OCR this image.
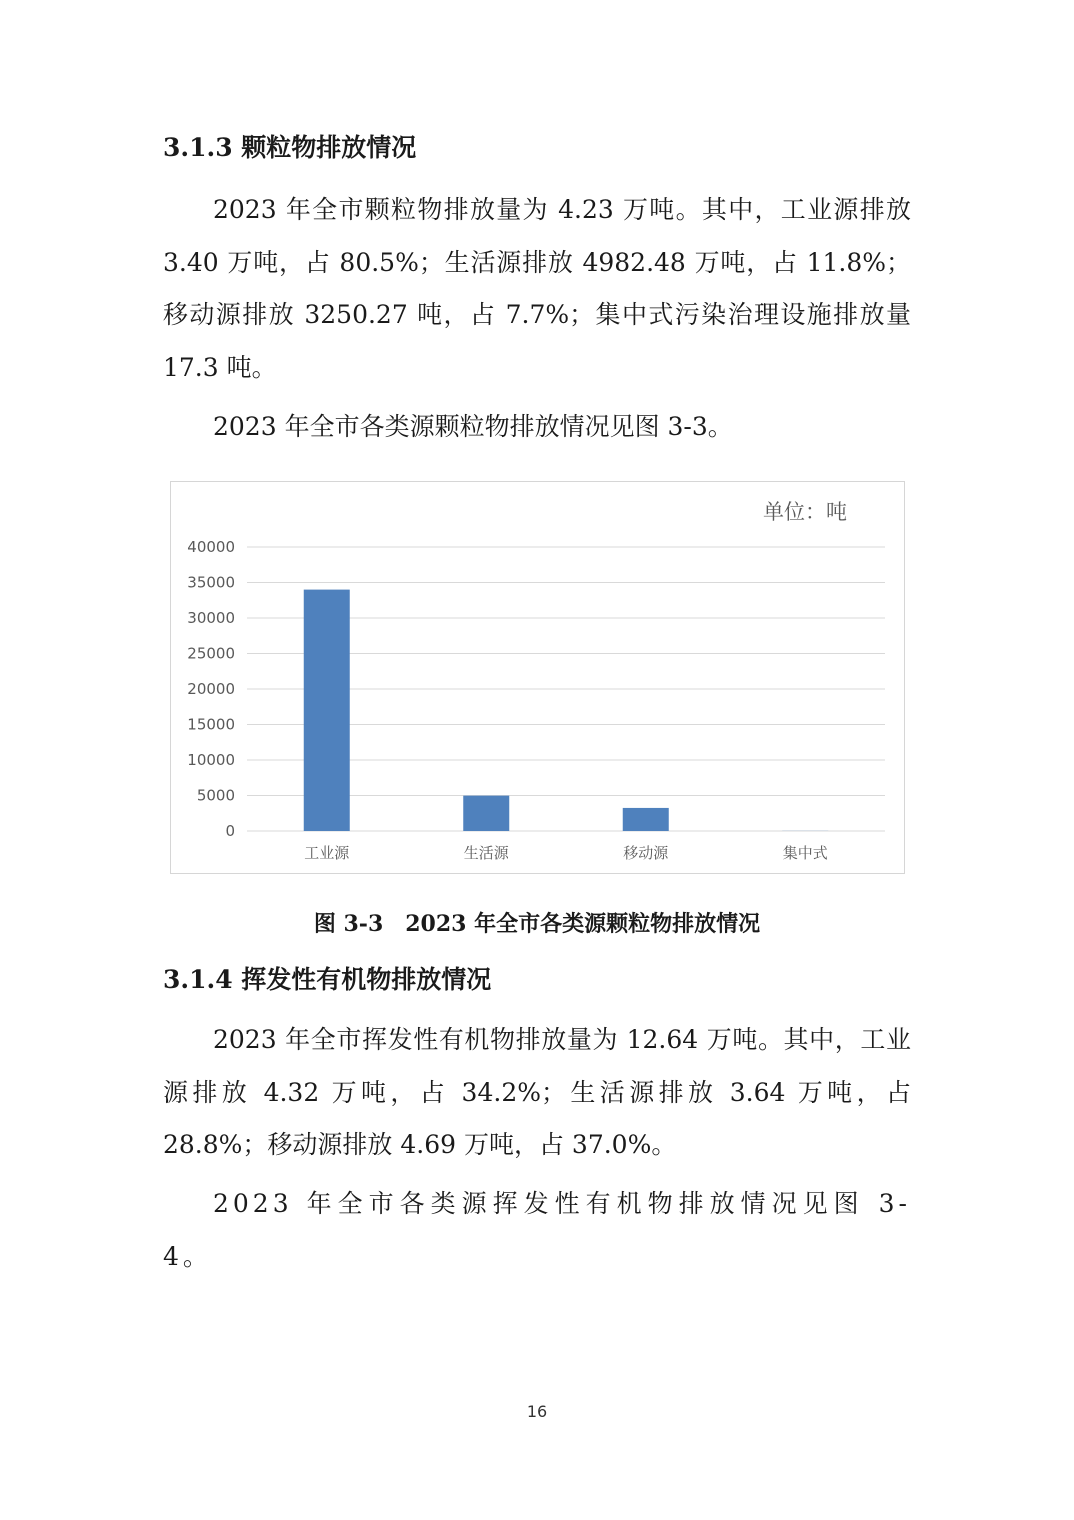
3.1.3 颗粒物排放情况

2023 年全市颗粒物排放量为 4.23 万吨。其中，工业源排放 3.40 万吨，占 80.5%；生活源排放 4982.48 万吨，占 11.8%；移动源排放 3250.27 吨，占 7.7%；集中式污染治理设施排放量 17.3 吨。

2023 年全市各类源颗粒物排放情况见图 3-3。

单位：吨
0
5000
10000
15000
20000
25000
30000
35000
40000
工业源	生活源	移动源	集中式

图 3-3　2023 年全市各类源颗粒物排放情况

3.1.4 挥发性有机物排放情况

2023 年全市挥发性有机物排放量为 12.64 万吨。其中，工业源排放 4.32 万吨，占 34.2%；生活源排放 3.64 万吨，占 28.8%；移动源排放 4.69 万吨，占 37.0%。

2023 年全市各类源挥发性有机物排放情况见图 3-4。

16
